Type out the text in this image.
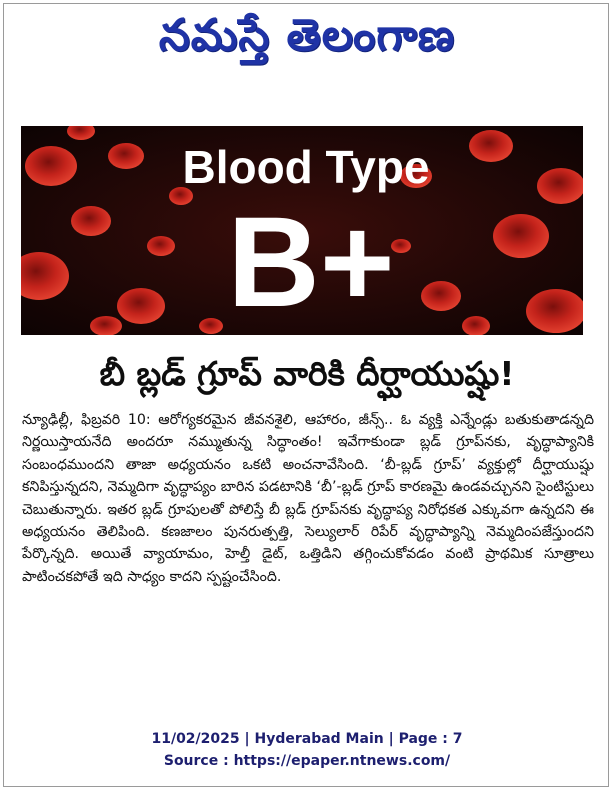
నమస్తే తెలంగాణ
Blood Type
B+
బీ బ్లడ్‌ గ్రూప్‌ వారికి దీర్ఘాయుష్షు!

న్యూఢిల్లీ, ఫిబ్రవరి 10: ఆరోగ్యకరమైన జీవనశైలి, ఆహారం, జీన్స్‌.. ఓ వ్యక్తి ఎన్నేండ్లు బతుకుతాడన్నది నిర్ణయిస్తాయనేది అందరూ నమ్ముతున్న సిద్ధాంతం! ఇవేగాకుండా బ్లడ్‌ గ్రూప్‌నకు, వృద్ధాప్యానికి సంబంధముందని తాజా అధ్యయనం ఒకటి అంచనావేసింది. ‘బీ-బ్లడ్‌ గ్రూప్‌’ వ్యక్తుల్లో దీర్ఘాయుష్షు కనిపిస్తున్నదని, నెమ్మదిగా వృద్ధాప్యం బారిన పడటానికి ‘బీ’-బ్లడ్‌ గ్రూప్‌ కారణమై ఉండవచ్చునని సైంటిస్టులు చెబుతున్నారు. ఇతర బ్లడ్‌ గ్రూపులతో పోలిస్తే బీ బ్లడ్‌ గ్రూప్‌నకు వృద్ధాప్య నిరోధకత ఎక్కువగా ఉన్నదని ఈ అధ్యయనం తెలిపింది. కణజాలం పునరుత్పత్తి, సెల్యులార్‌ రిపేర్‌ వృద్ధాప్యాన్ని నెమ్మదింపజేస్తుందని పేర్కొన్నది. అయితే వ్యాయామం, హెల్తీ డైట్‌, ఒత్తిడిని తగ్గించుకోవడం వంటి ప్రాథమిక సూత్రాలు పాటించకపోతే ఇది సాధ్యం కాదని స్పష్టంచేసింది.

11/02/2025 | Hyderabad Main | Page : 7
Source : https://epaper.ntnews.com/
